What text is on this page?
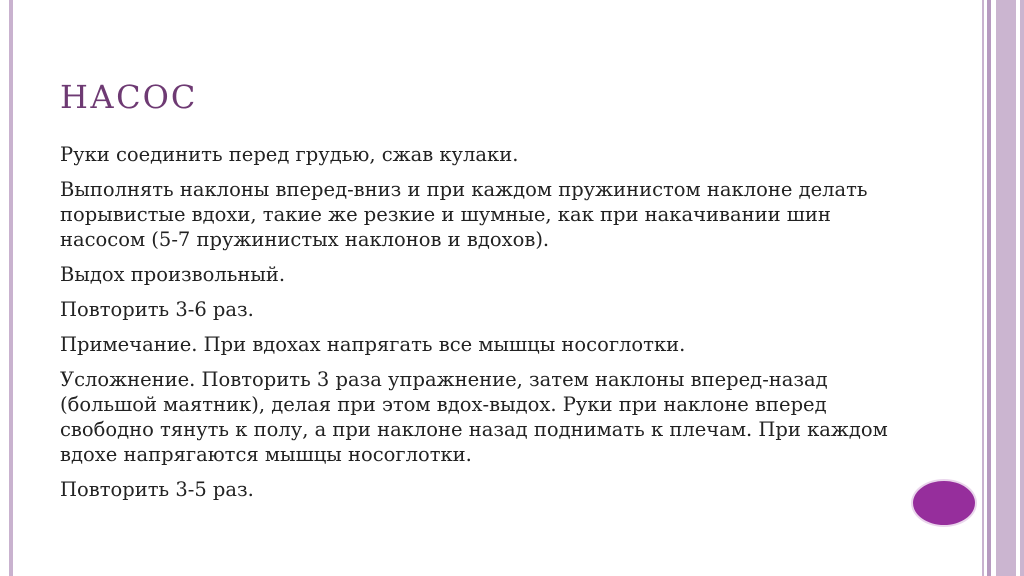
НАСОС

Руки соединить перед грудью, сжав кулаки.

Выполнять наклоны вперед-вниз и при каждом пружинистом наклоне делать порывистые вдохи, такие же резкие и шумные, как при накачивании шин насосом (5-7 пружинистых наклонов и вдохов).

Выдох произвольный.

Повторить 3-6 раз.

Примечание. При вдохах напрягать все мышцы носоглотки.

Усложнение. Повторить 3 раза упражнение, затем наклоны вперед-назад (большой маятник), делая при этом вдох-выдох. Руки при наклоне вперед свободно тянуть к полу, а при наклоне назад поднимать к плечам. При каждом вдохе напрягаются мышцы носоглотки.

Повторить 3-5 раз.
